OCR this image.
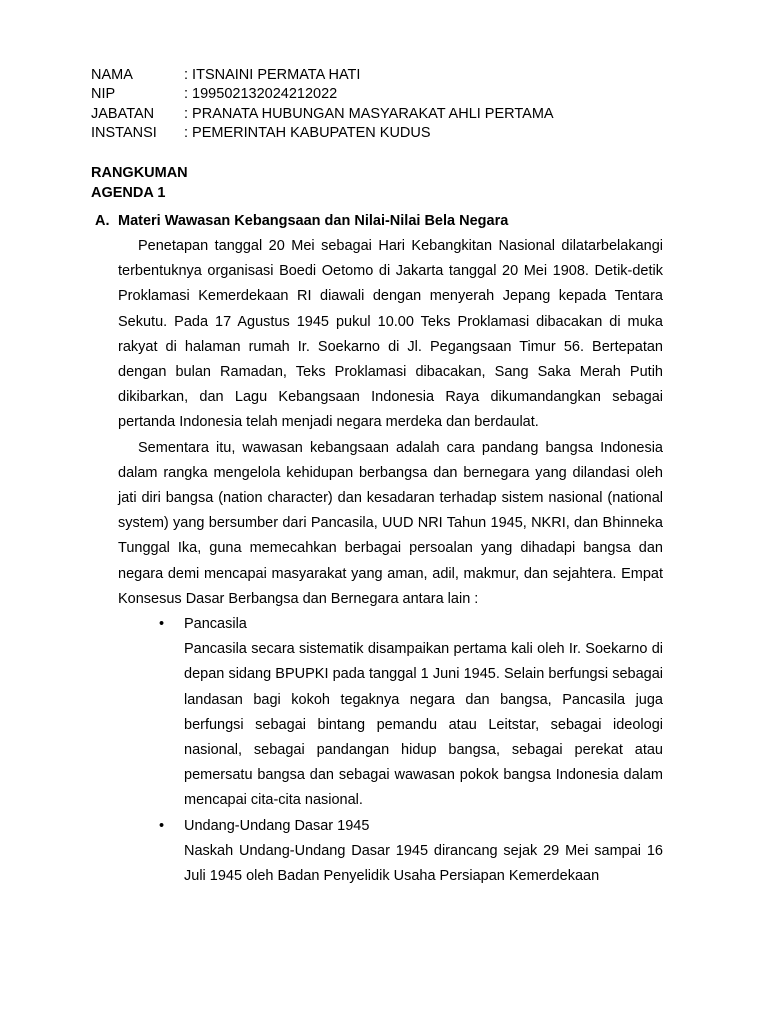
NAMA	: ITSNAINI PERMATA HATI
NIP	: 199502132024212022
JABATAN	: PRANATA HUBUNGAN MASYARAKAT AHLI PERTAMA
INSTANSI	: PEMERINTAH KABUPATEN KUDUS
RANGKUMAN
AGENDA 1
A. Materi Wawasan Kebangsaan dan Nilai-Nilai Bela Negara

Penetapan tanggal 20 Mei sebagai Hari Kebangkitan Nasional dilatarbelakangi terbentuknya organisasi Boedi Oetomo di Jakarta tanggal 20 Mei 1908. Detik-detik Proklamasi Kemerdekaan RI diawali dengan menyerah Jepang kepada Tentara Sekutu. Pada 17 Agustus 1945 pukul 10.00 Teks Proklamasi dibacakan di muka rakyat di halaman rumah Ir. Soekarno di Jl. Pegangsaan Timur 56. Bertepatan dengan bulan Ramadan, Teks Proklamasi dibacakan, Sang Saka Merah Putih dikibarkan, dan Lagu Kebangsaan Indonesia Raya dikumandangkan sebagai pertanda Indonesia telah menjadi negara merdeka dan berdaulat.

Sementara itu, wawasan kebangsaan adalah cara pandang bangsa Indonesia dalam rangka mengelola kehidupan berbangsa dan bernegara yang dilandasi oleh jati diri bangsa (nation character) dan kesadaran terhadap sistem nasional (national system) yang bersumber dari Pancasila, UUD NRI Tahun 1945, NKRI, dan Bhinneka Tunggal Ika, guna memecahkan berbagai persoalan yang dihadapi bangsa dan negara demi mencapai masyarakat yang aman, adil, makmur, dan sejahtera. Empat Konsesus Dasar Berbangsa dan Bernegara antara lain :

• Pancasila
Pancasila secara sistematik disampaikan pertama kali oleh Ir. Soekarno di depan sidang BPUPKI pada tanggal 1 Juni 1945. Selain berfungsi sebagai landasan bagi kokoh tegaknya negara dan bangsa, Pancasila juga berfungsi sebagai bintang pemandu atau Leitstar, sebagai ideologi nasional, sebagai pandangan hidup bangsa, sebagai perekat atau pemersatu bangsa dan sebagai wawasan pokok bangsa Indonesia dalam mencapai cita-cita nasional.
• Undang-Undang Dasar 1945
Naskah Undang-Undang Dasar 1945 dirancang sejak 29 Mei sampai 16 Juli 1945 oleh Badan Penyelidik Usaha Persiapan Kemerdekaan
